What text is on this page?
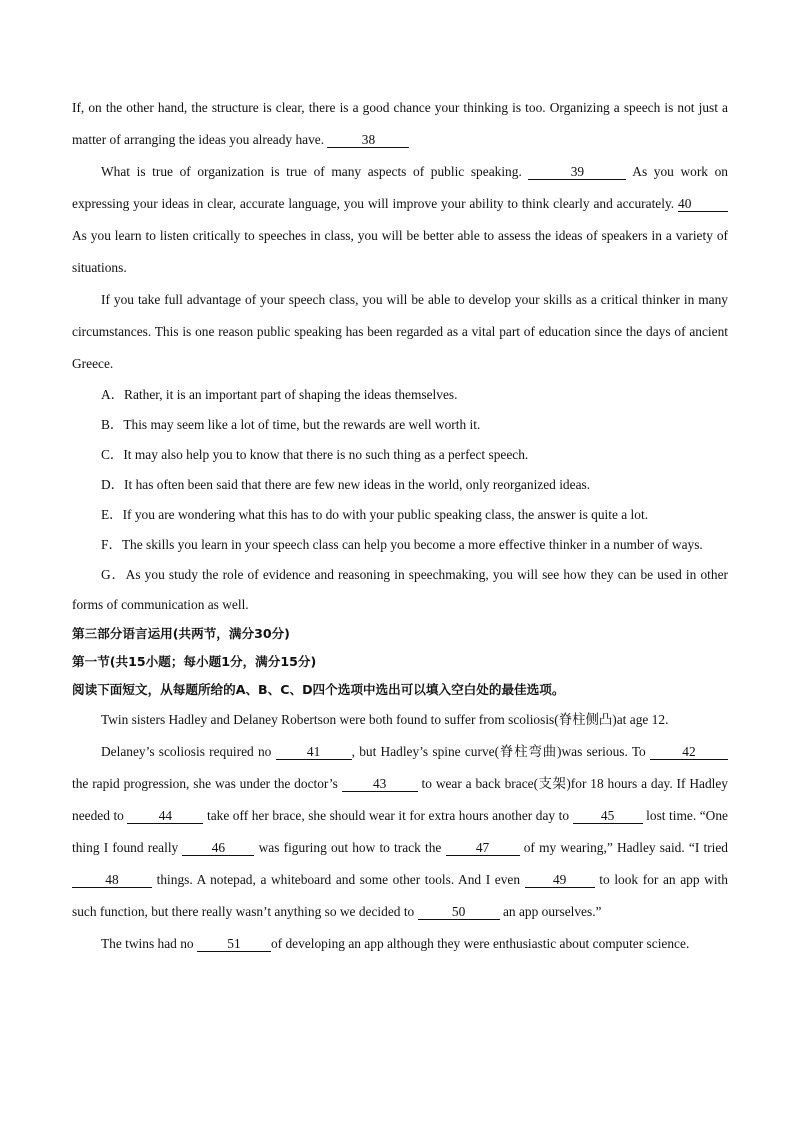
If, on the other hand, the structure is clear, there is a good chance your thinking is too. Organizing a speech is not just a matter of arranging the ideas you already have.	38

What is true of organization is true of many aspects of public speaking.	39	As you work on expressing your ideas in clear, accurate language, you will improve your ability to think clearly and accurately. 40 As you learn to listen critically to speeches in class, you will be better able to assess the ideas of speakers in a variety of situations.

If you take full advantage of your speech class, you will be able to develop your skills as a critical thinker in many circumstances. This is one reason public speaking has been regarded as a vital part of education since the days of ancient Greece.

A．Rather, it is an important part of shaping the ideas themselves.

B．This may seem like a lot of time, but the rewards are well worth it.

C．It may also help you to know that there is no such thing as a perfect speech.

D．It has often been said that there are few new ideas in the world, only reorganized ideas.

E．If you are wondering what this has to do with your public speaking class, the answer is quite a lot.

F．The skills you learn in your speech class can help you become a more effective thinker in a number of ways.

G．As you study the role of evidence and reasoning in speechmaking, you will see how they can be used in other forms of communication as well.

第三部分语言运用(共两节，满分30分)

第一节(共15小题；每小题1分，满分15分)

阅读下面短文，从每题所给的A、B、C、D四个选项中选出可以填入空白处的最佳选项。

Twin sisters Hadley and Delaney Robertson were both found to suffer from scoliosis(脊柱侧凸)at age 12.

Delaney’s scoliosis required no	41 , but Hadley’s spine curve(脊柱弯曲)was serious. To	42 the rapid progression, she was under the doctor’s	43	to wear a back brace(支架)for 18 hours a day. If Hadley needed to	44	take off her brace, she should wear it for extra hours another day to 45 lost time. “One thing I found really 46	was figuring out how to track the	47	of my wearing,” Hadley said. “I tried 48	things. A notepad, a whiteboard and some other tools. And I even 49 to look for an app with such function, but there really wasn’t anything so we decided to	50	an app ourselves.”

The twins had no	51 of developing an app although they were enthusiastic about computer science.
